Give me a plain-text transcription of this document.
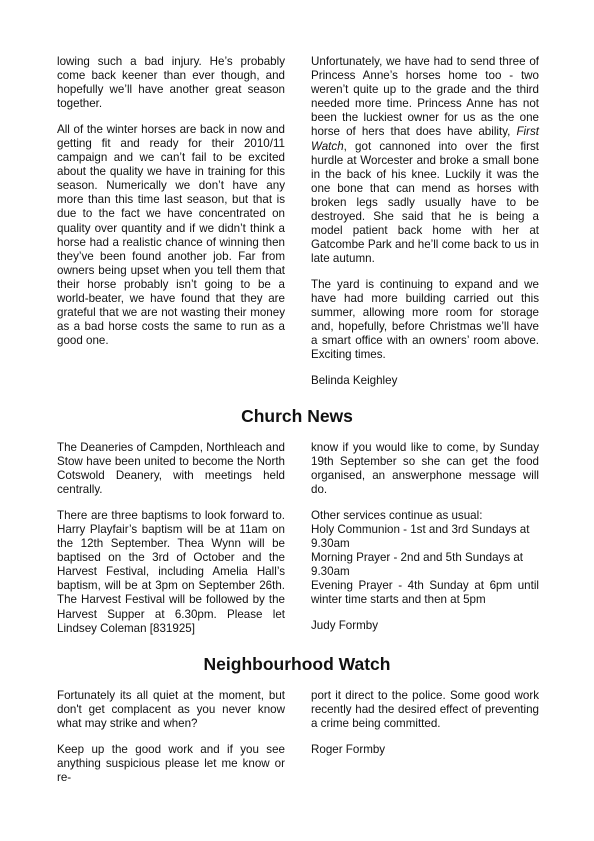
lowing such a bad injury. He’s probably come back keener than ever though, and hopefully we’ll have another great season together.

All of the winter horses are back in now and getting fit and ready for their 2010/11 campaign and we can’t fail to be excited about the quality we have in training for this season. Numerically we don’t have any more than this time last season, but that is due to the fact we have concentrated on quality over quantity and if we didn’t think a horse had a realistic chance of winning then they’ve been found another job. Far from owners being upset when you tell them that their horse probably isn’t going to be a world-beater, we have found that they are grateful that we are not wasting their money as a bad horse costs the same to run as a good one.

Unfortunately, we have had to send three of Princess Anne’s horses home too - two weren’t quite up to the grade and the third needed more time. Princess Anne has not been the luckiest owner for us as the one horse of hers that does have ability, First Watch, got cannoned into over the first hurdle at Worcester and broke a small bone in the back of his knee. Luckily it was the one bone that can mend as horses with broken legs sadly usually have to be destroyed. She said that he is being a model patient back home with her at Gatcombe Park and he’ll come back to us in late autumn.

The yard is continuing to expand and we have had more building carried out this summer, allowing more room for storage and, hopefully, before Christmas we’ll have a smart office with an owners’ room above. Exciting times.

Belinda Keighley

Church News

The Deaneries of Campden, Northleach and Stow have been united to become the North Cotswold Deanery, with meetings held centrally.

There are three baptisms to look forward to. Harry Playfair’s baptism will be at 11am on the 12th September. Thea Wynn will be baptised on the 3rd of October and the Harvest Festival, including Amelia Hall’s baptism, will be at 3pm on September 26th. The Harvest Festival will be followed by the Harvest Supper at 6.30pm. Please let Lindsey Coleman [831925]

know if you would like to come, by Sunday 19th September so she can get the food organised, an answerphone message will do.

Other services continue as usual:

Holy Communion - 1st and 3rd Sundays at 9.30am

Morning Prayer - 2nd and 5th Sundays at 9.30am

Evening Prayer - 4th Sunday at 6pm until winter time starts and then at 5pm

Judy Formby

Neighbourhood Watch

Fortunately its all quiet at the moment, but don't get complacent as you never know what may strike and when?

Keep up the good work and if you see anything suspicious please let me know or re-

port it direct to the police. Some good work recently had the desired effect of preventing a crime being committed.

Roger Formby
